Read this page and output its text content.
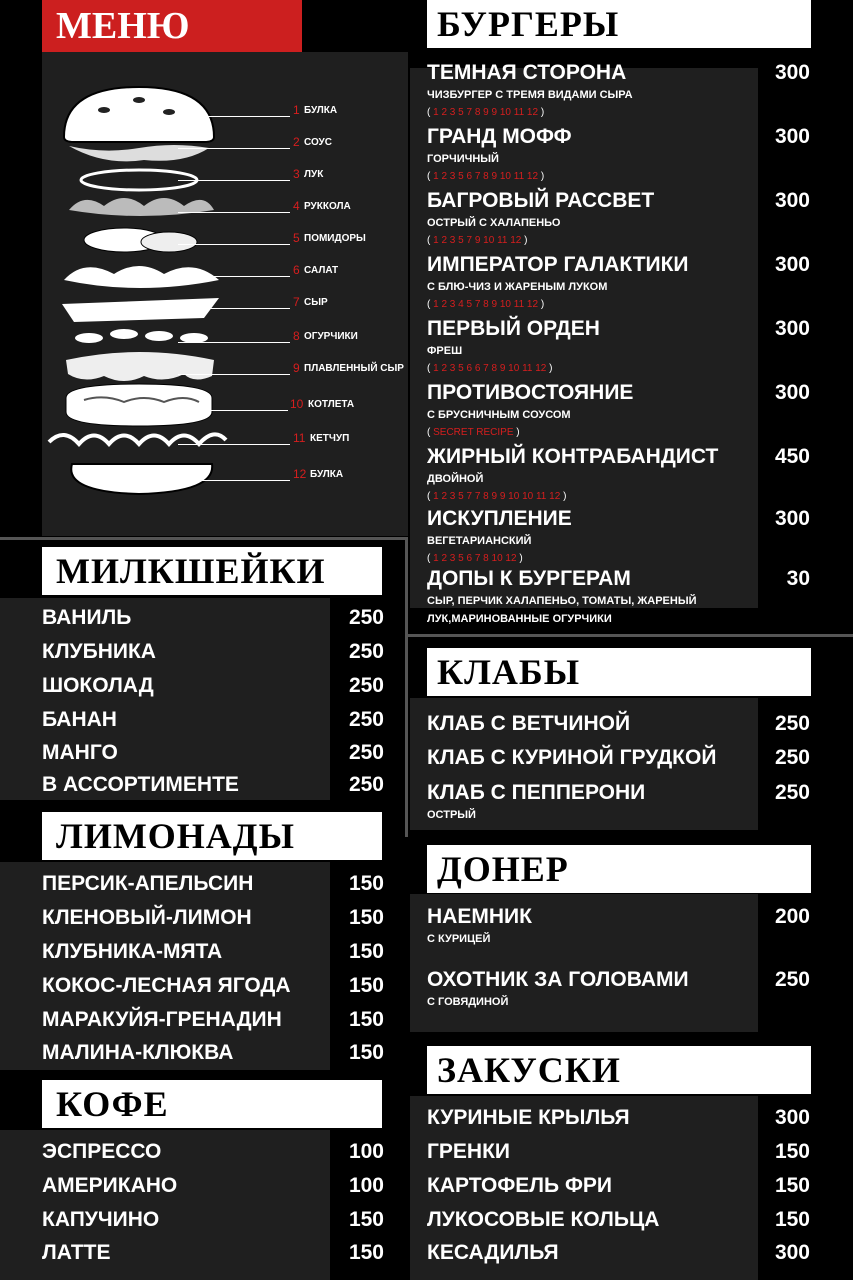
МЕНЮ
1 БУЛКА
2 СОУС
3 ЛУК
4 РУККОЛА
5 ПОМИДОРЫ
6 САЛАТ
7 СЫР
8 ОГУРЧИКИ
9 ПЛАВЛЕННЫЙ СЫР
10 КОТЛЕТА
11 КЕТЧУП
12 БУЛКА
БУРГЕРЫ
ТЕМНАЯ СТОРОНА	300
ЧИЗБУРГЕР С ТРЕМЯ ВИДАМИ СЫРА
( 1 2 3 5 7 8 9 9 10 11 12 )
ГРАНД МОФФ	300
ГОРЧИЧНЫЙ
( 1 2 3 5 6 7 8 9 10 11 12 )
БАГРОВЫЙ РАССВЕТ	300
ОСТРЫЙ С ХАЛАПЕНЬО
( 1 2 3 5 7 9 10 11 12 )
ИМПЕРАТОР ГАЛАКТИКИ	300
С БЛЮ-ЧИЗ И ЖАРЕНЫМ ЛУКОМ
( 1 2 3 4 5 7 8 9 10 11 12 )
ПЕРВЫЙ ОРДЕН	300
ФРЕШ
( 1 2 3 5 6 6 7 8 9 10 11 12 )
ПРОТИВОСТОЯНИЕ	300
С БРУСНИЧНЫМ СОУСОМ
( SECRET RECIPE )
ЖИРНЫЙ КОНТРАБАНДИСТ	450
ДВОЙНОЙ
( 1 2 3 5 7 7 8 9 9 10 10 11 12 )
ИСКУПЛЕНИЕ	300
ВЕГЕТАРИАНСКИЙ
( 1 2 3 5 6 7 8 10 12 )
ДОПЫ К БУРГЕРАМ	30
СЫР, ПЕРЧИК ХАЛАПЕНЬО, ТОМАТЫ, ЖАРЕНЫЙ
ЛУК,МАРИНОВАННЫЕ ОГУРЧИКИ
МИЛКШЕЙКИ
ВАНИЛЬ	250
КЛУБНИКА	250
ШОКОЛАД	250
БАНАН	250
МАНГО	250
В АССОРТИМЕНТЕ	250
ЛИМОНАДЫ
ПЕРСИК-АПЕЛЬСИН	150
КЛЕНОВЫЙ-ЛИМОН	150
КЛУБНИКА-МЯТА	150
КОКОС-ЛЕСНАЯ ЯГОДА	150
МАРАКУЙЯ-ГРЕНАДИН	150
МАЛИНА-КЛЮКВА	150
КОФЕ
ЭСПРЕССО	100
АМЕРИКАНО	100
КАПУЧИНО	150
ЛАТТЕ	150
КЛАБЫ
КЛАБ С ВЕТЧИНОЙ	250
КЛАБ С КУРИНОЙ ГРУДКОЙ	250
КЛАБ С ПЕППЕРОНИ	250
ОСТРЫЙ
ДОНЕР
НАЕМНИК	200
С КУРИЦЕЙ
ОХОТНИК ЗА ГОЛОВАМИ	250
С ГОВЯДИНОЙ
ЗАКУСКИ
КУРИНЫЕ КРЫЛЬЯ	300
ГРЕНКИ	150
КАРТОФЕЛЬ ФРИ	150
ЛУКОСОВЫЕ КОЛЬЦА	150
КЕСАДИЛЬЯ	300
